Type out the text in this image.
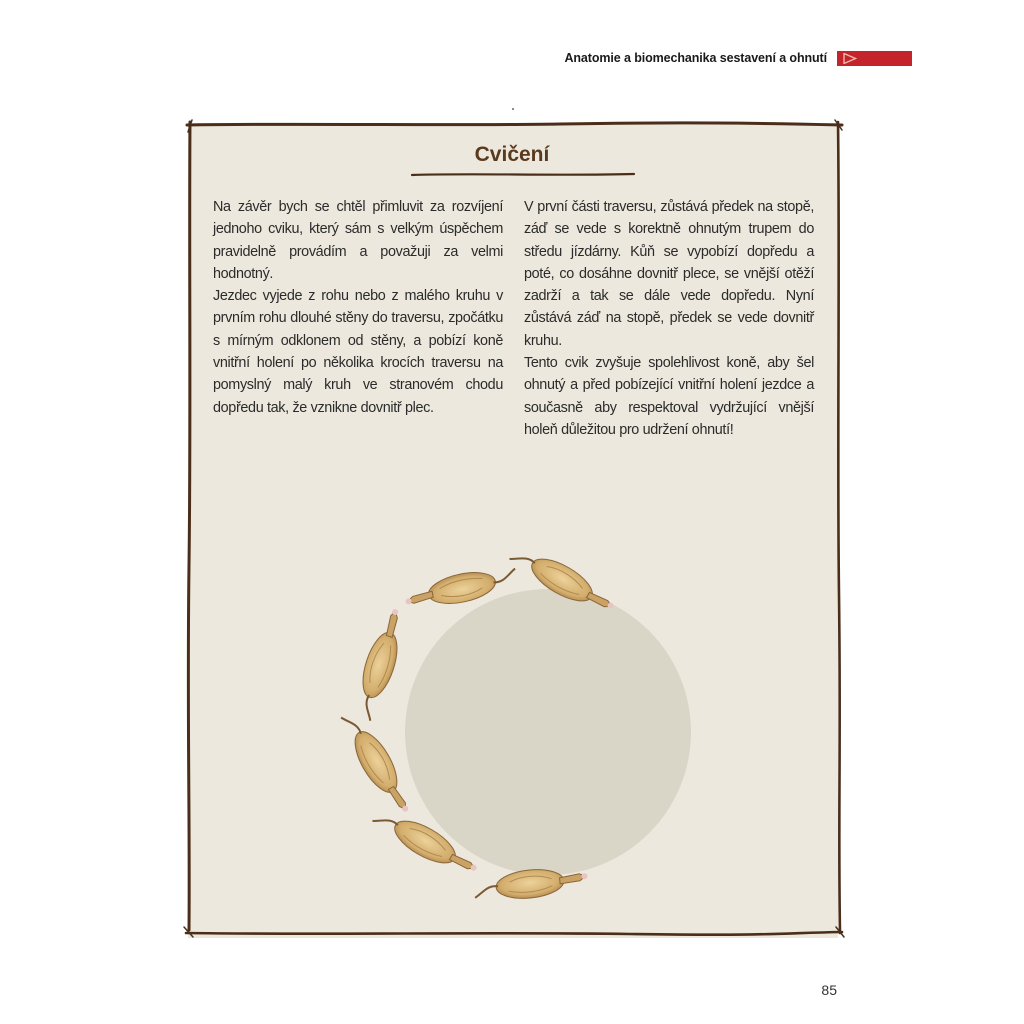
Anatomie a biomechanika sestavení a ohnutí
Cvičení

Na závěr bych se chtěl přimluvit za rozvíjení jednoho cviku, který sám s velkým úspěchem pravidelně provádím a považuji za velmi hodnotný.

Jezdec vyjede z rohu nebo z malého kruhu v prvním rohu dlouhé stěny do traversu, zpočátku s mírným odklonem od stěny, a pobízí koně vnitřní holení po několika krocích traversu na pomyslný malý kruh ve stranovém chodu dopředu tak, že vznikne dovnitř plec.

V první části traversu, zůstává předek na stopě, záď se vede s korektně ohnutým trupem do středu jízdárny. Kůň se vypobízí dopředu a poté, co dosáhne dovnitř plece, se vnější otěží zadrží a tak se dále vede dopředu. Nyní zůstává záď na stopě, předek se vede dovnitř kruhu.

Tento cvik zvyšuje spolehlivost koně, aby šel ohnutý a před pobízející vnitřní holení jezdce a současně aby respektoval vydržující vnější holeň důležitou pro udržení ohnutí!

85
